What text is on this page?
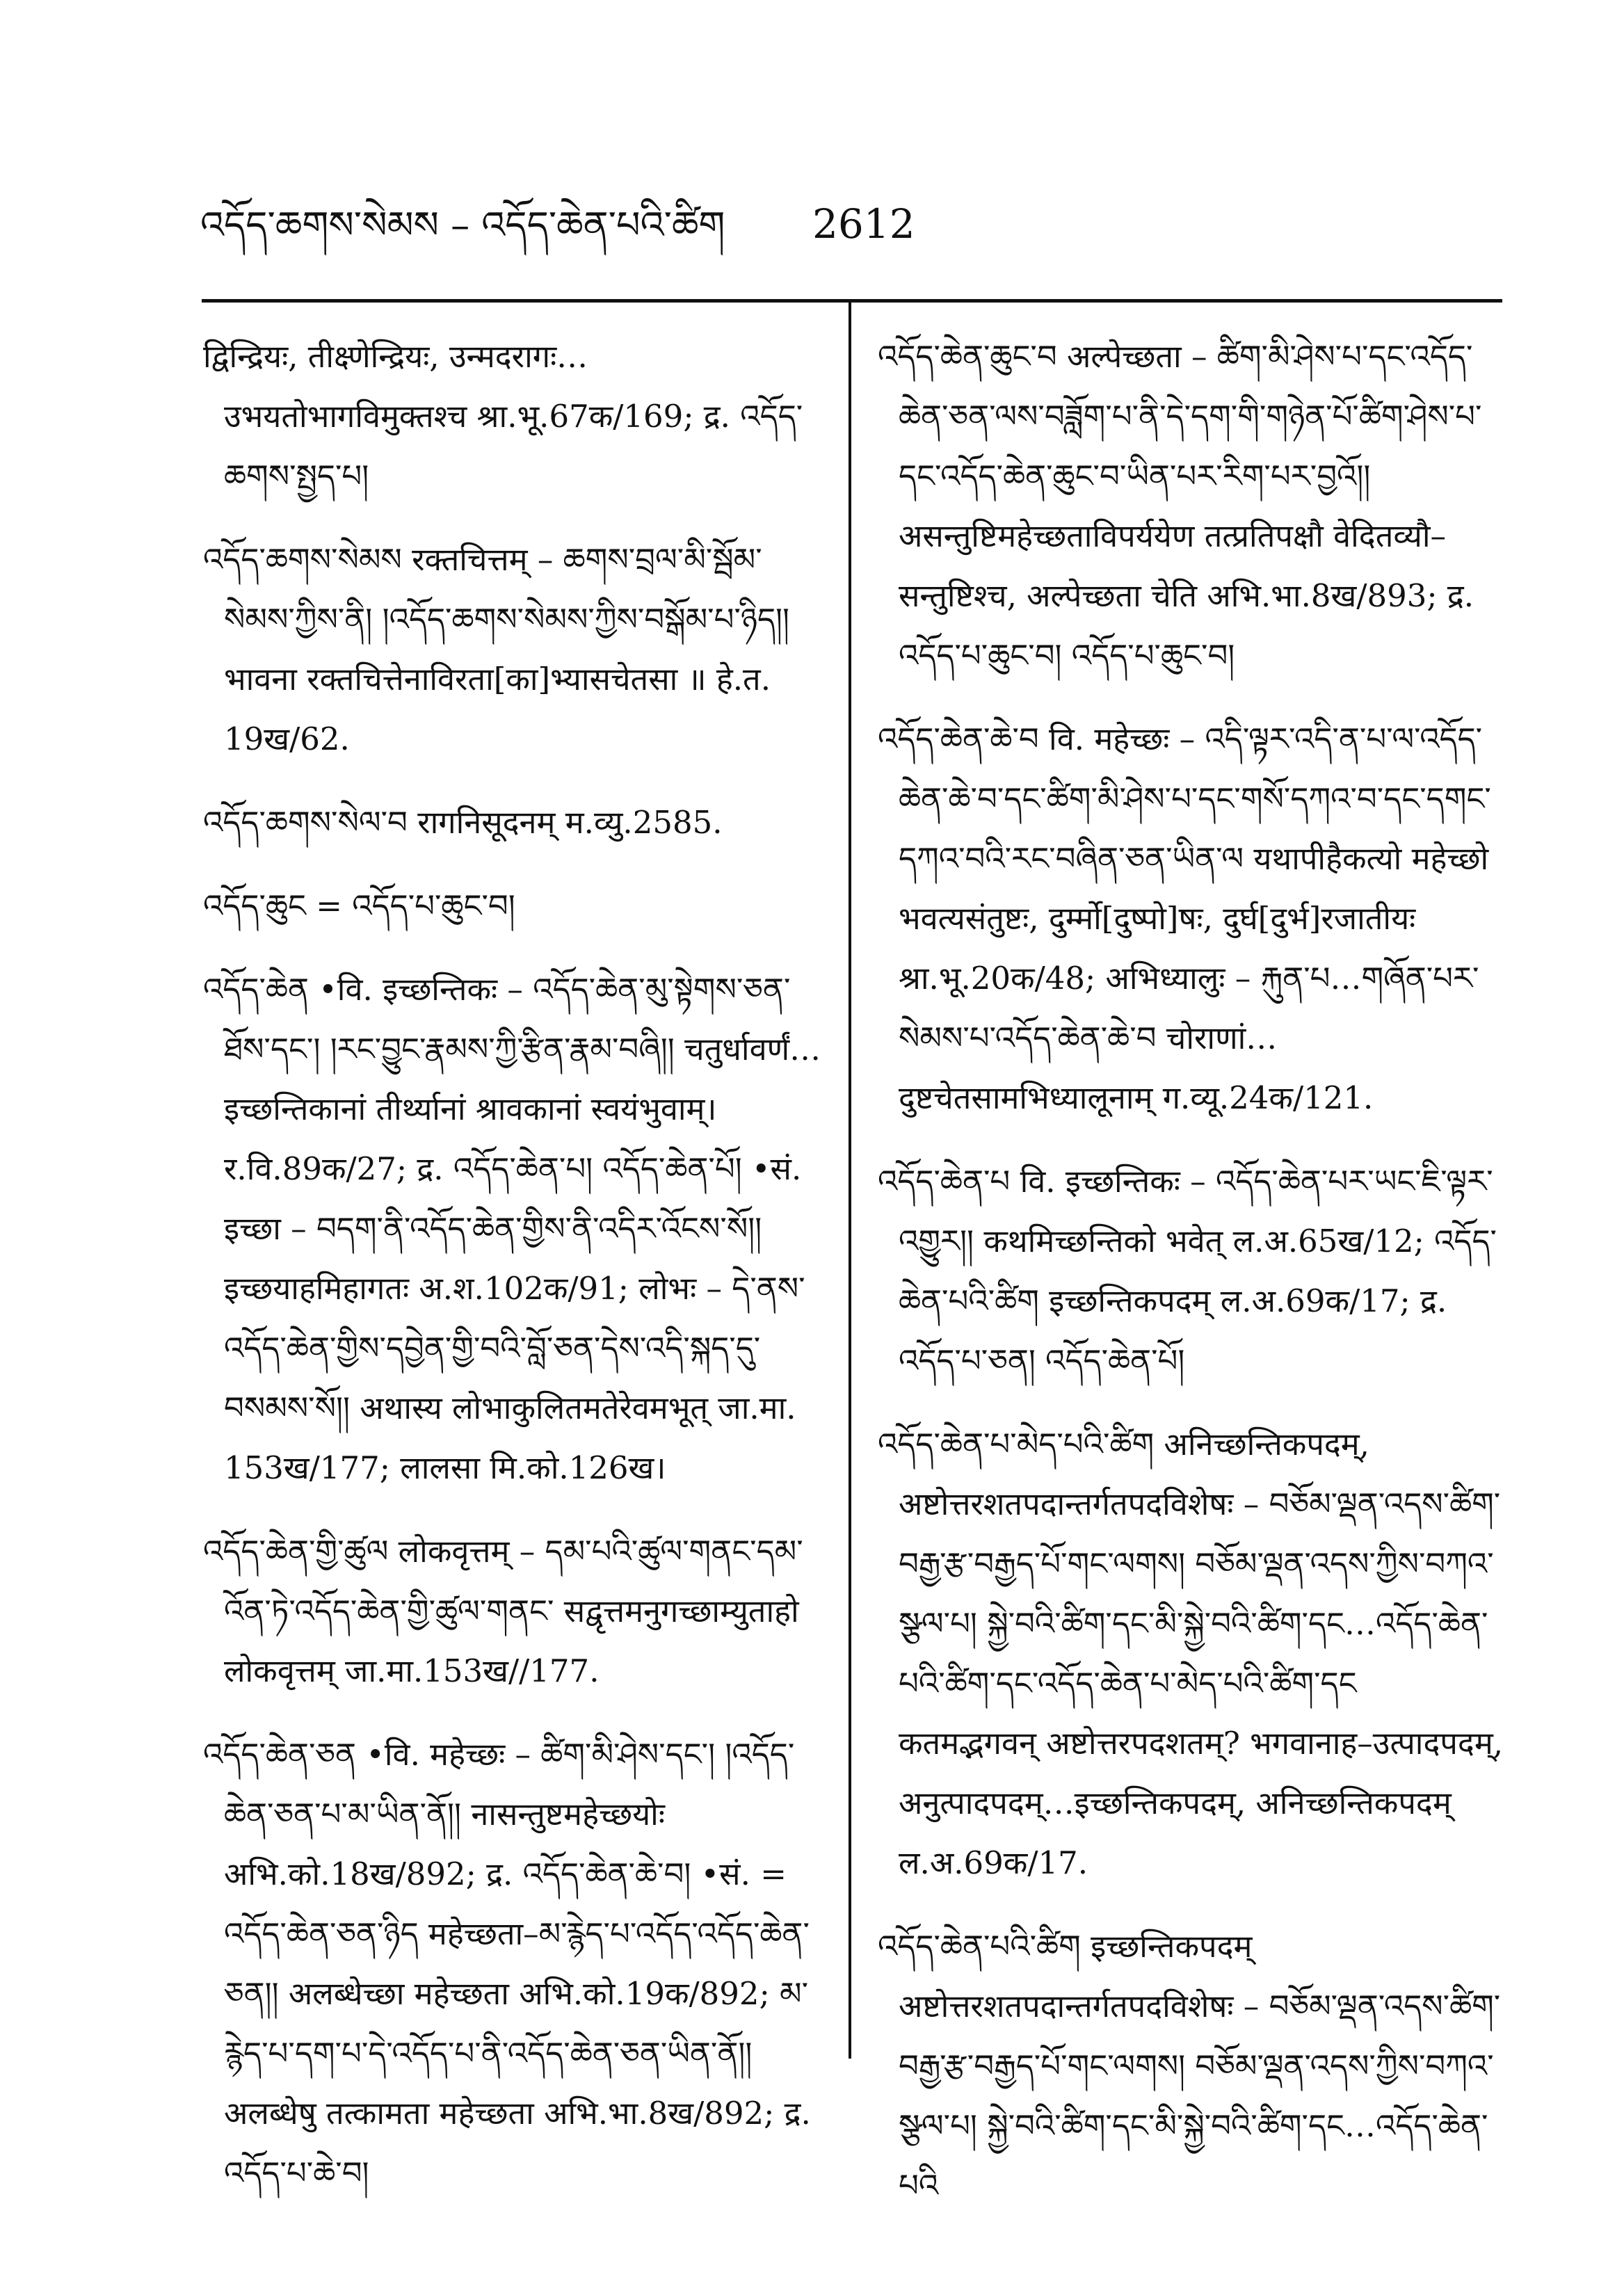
འདོད་ཆགས་སེམས – འདོད་ཆེན་པའི་ཚིག 2612

द्विन्द्रियः, तीक्ष्णेन्द्रियः, उन्मदरागः…उभयतोभागविमुक्तश्च श्रा.भू.67क/169; द्र. འདོད་ཆགས་སྤྱད་པ།

འདོད་ཆགས་སེམས रक्तचित्तम् – ཆགས་བྲལ་མི་སྦོམ་སེམས་ཀྱིས་ནི། །འདོད་ཆགས་སེམས་ཀྱིས་བསྒོམ་པ་ཉིད།། भावना रक्तचित्तेनाविरता[का]भ्यासचेतसा ॥ हे.त. 19ख/62.

འདོད་ཆགས་སེལ་བ रागनिसूदनम् म.व्यु.2585.

འདོད་ཆུང = འདོད་པ་ཆུང་བ།

འདོད་ཆེན •वि. इच्छन्तिकः – འདོད་ཆེན་མུ་སྟེགས་ཅན་ཐོས་དང་། །རང་བྱུང་རྣམས་ཀྱི་རྩིན་རྣམ་བཞི།། चतुर्धावर्णं…इच्छन्तिकानां तीर्थ्यानां श्रावकानां स्वयंभुवाम्। र.वि.89क/27; द्र. འདོད་ཆེན་པ། འདོད་ཆེན་པོ། •सं. इच्छा – བདག་ནི་འདོད་ཆེན་གྱིས་ནི་འདིར་འོངས་སོ།། इच्छयाहमिहागतः अ.श.102क/91; लोभः – དེ་ནས་འདོད་ཆེན་གྱིས་དབྱེན་གྱི་བའི་བློ་ཅན་དེས་འདི་སྐད་དུ་བསམས་སོ།། अथास्य लोभाकुलितमतेरेवमभूत् जा.मा. 153ख/177; लालसा मि.को.126ख।

འདོད་ཆེན་གྱི་ཚུལ लोकवृत्तम् – དམ་པའི་ཚུལ་གནང་དམ་འོན་ཏེ་འདོད་ཆེན་གྱི་ཚུལ་གནང་ सद्वृत्तमनुगच्छाम्युताहो लोकवृत्तम् जा.मा.153ख//177.

འདོད་ཆེན་ཅན •वि. महेच्छः – ཚིག་མི་ཤེས་དང་། །འདོད་ཆེན་ཅན་པ་མ་ཡིན་ནོ།། नासन्तुष्टमहेच्छयोः अभि.को.18ख/892; द्र. འདོད་ཆེན་ཆེ་བ། •सं. = འདོད་ཆེན་ཅན་ཉིད महेच्छता–མ་རྙེད་པ་འདོད་འདོད་ཆེན་ཅན།། अलब्धेच्छा महेच्छता अभि.को.19क/892; མ་རྙེད་པ་དག་པ་དེ་འདོད་པ་ནི་འདོད་ཆེན་ཅན་ཡིན་ནོ།། अलब्धेषु तत्कामता महेच्छता अभि.भा.8ख/892; द्र. འདོད་པ་ཆེ་བ།

འདོད་ཆེན་ཆུང་བ अल्पेच्छता – ཚིག་མི་ཤེས་པ་དང་འདོད་ཆེན་ཅན་ལས་བཟློག་པ་ནི་དེ་དག་གི་གཉེན་པོ་ཚིག་ཤེས་པ་དང་འདོད་ཆེན་ཆུང་བ་ཡིན་པར་རིག་པར་བྱའོ།། असन्तुष्टिमहेच्छताविपर्ययेण तत्प्रतिपक्षौ वेदितव्यौ–सन्तुष्टिश्च, अल्पेच्छता चेति अभि.भा.8ख/893; द्र. འདོད་པ་ཆུང་བ། འདོད་པ་ཆུང་བ།

འདོད་ཆེན་ཆེ་བ वि. महेच्छः – འདི་ལྟར་འདི་ན་པ་ལ་འདོད་ཆེན་ཆེ་བ་དང་ཚིག་མི་ཤེས་པ་དང་གསོ་དཀའ་བ་དང་དགང་དཀའ་བའི་རང་བཞིན་ཅན་ཡིན་ལ यथापीहैकत्यो महेच्छो भवत्यसंतुष्टः, दुर्म्मो[दुष्पो]षः, दुर्घ[दुर्भ]रजातीयः श्रा.भू.20क/48; अभिध्यालुः – རྐུན་པ…གཞོན་པར་སེམས་པ་འདོད་ཆེན་ཆེ་བ चोराणां…दुष्टचेतसामभिध्यालूनाम् ग.व्यू.24क/121.

འདོད་ཆེན་པ वि. इच्छन्तिकः – འདོད་ཆེན་པར་ཡང་ཇི་ལྟར་འགྱུར།། कथमिच्छन्तिको भवेत् ल.अ.65ख/12; འདོད་ཆེན་པའི་ཚིག इच्छन्तिकपदम् ल.अ.69क/17; द्र. འདོད་པ་ཅན། འདོད་ཆེན་པོ།

འདོད་ཆེན་པ་མེད་པའི་ཚིག अनिच्छन्तिकपदम्, अष्टोत्तरशतपदान्तर्गतपदविशेषः – བཅོམ་ལྡན་འདས་ཚིག་བརྒྱ་རྩ་བརྒྱད་པོ་གང་ལགས། བཅོམ་ལྡན་འདས་ཀྱིས་བཀའ་སྩལ་པ། སྐྱེ་བའི་ཚིག་དང་མི་སྐྱེ་བའི་ཚིག་དང…འདོད་ཆེན་པའི་ཚིག་དང་འདོད་ཆེན་པ་མེད་པའི་ཚིག་དང कतमद्भगवन् अष्टोत्तरपदशतम्? भगवानाह–उत्पादपदम्, अनुत्पादपदम्…इच्छन्तिकपदम्, अनिच्छन्तिकपदम् ल.अ.69क/17.

འདོད་ཆེན་པའི་ཚིག इच्छन्तिकपदम् अष्टोत्तरशतपदान्तर्गतपदविशेषः – བཅོམ་ལྡན་འདས་ཚིག་བརྒྱ་རྩ་བརྒྱད་པོ་གང་ལགས། བཅོམ་ལྡན་འདས་ཀྱིས་བཀའ་སྩལ་པ། སྐྱེ་བའི་ཚིག་དང་མི་སྐྱེ་བའི་ཚིག་དང…འདོད་ཆེན་པའི
